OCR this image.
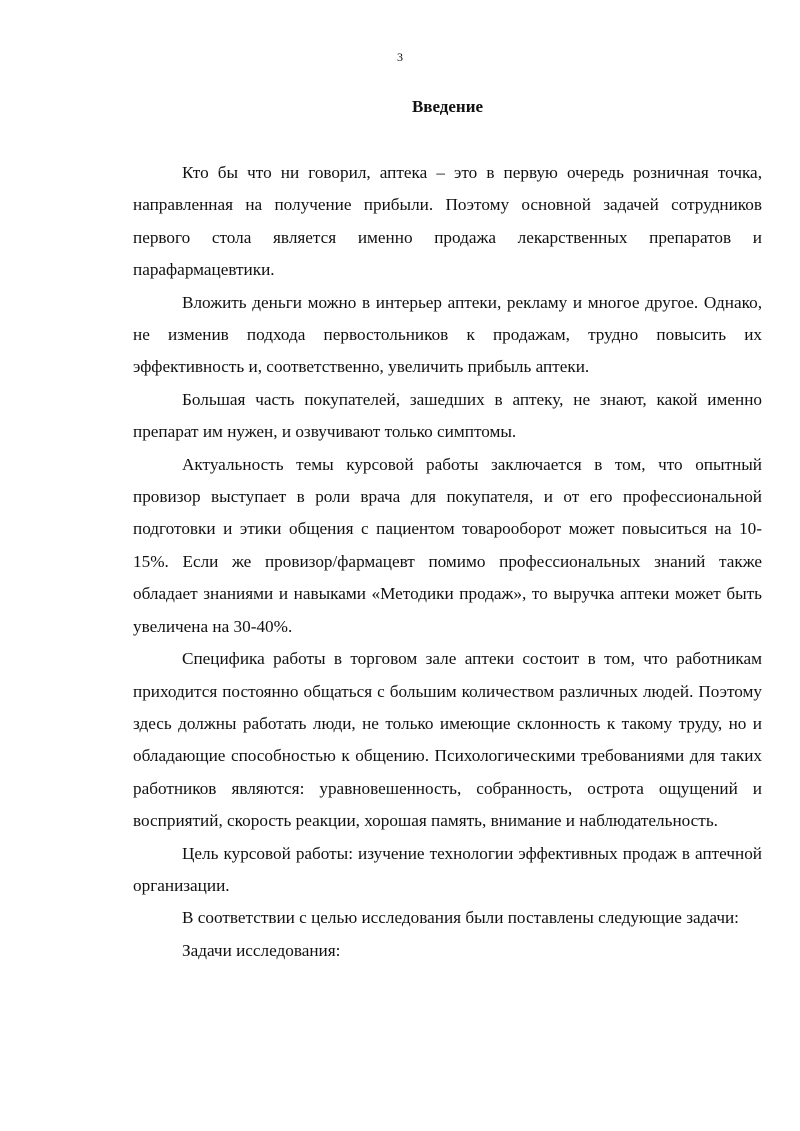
3
Введение

Кто бы что ни говорил, аптека – это в первую очередь розничная точка, направленная на получение прибыли. Поэтому основной задачей сотрудников первого стола является именно продажа лекарственных препаратов и парафармацевтики.

Вложить деньги можно в интерьер аптеки, рекламу и многое другое. Однако, не изменив подхода первостольников к продажам, трудно повысить их эффективность и, соответственно, увеличить прибыль аптеки.

Большая часть покупателей, зашедших в аптеку, не знают, какой именно препарат им нужен, и озвучивают только симптомы.

Актуальность темы курсовой работы заключается в том, что опытный провизор выступает в роли врача для покупателя, и от его профессиональной подготовки и этики общения с пациентом товарооборот может повыситься на 10-15%. Если же провизор/фармацевт помимо профессиональных знаний также обладает знаниями и навыками «Методики продаж», то выручка аптеки может быть увеличена на 30-40%.

Специфика работы в торговом зале аптеки состоит в том, что работникам приходится постоянно общаться с большим количеством различных людей. Поэтому здесь должны работать люди, не только имеющие склонность к такому труду, но и обладающие способностью к общению. Психологическими требованиями для таких работников являются: уравновешенность, собранность, острота ощущений и восприятий, скорость реакции, хорошая память, внимание и наблюдательность.

Цель курсовой работы: изучение технологии эффективных продаж в аптечной организации.

В соответствии с целью исследования были поставлены следующие задачи:

Задачи исследования:
